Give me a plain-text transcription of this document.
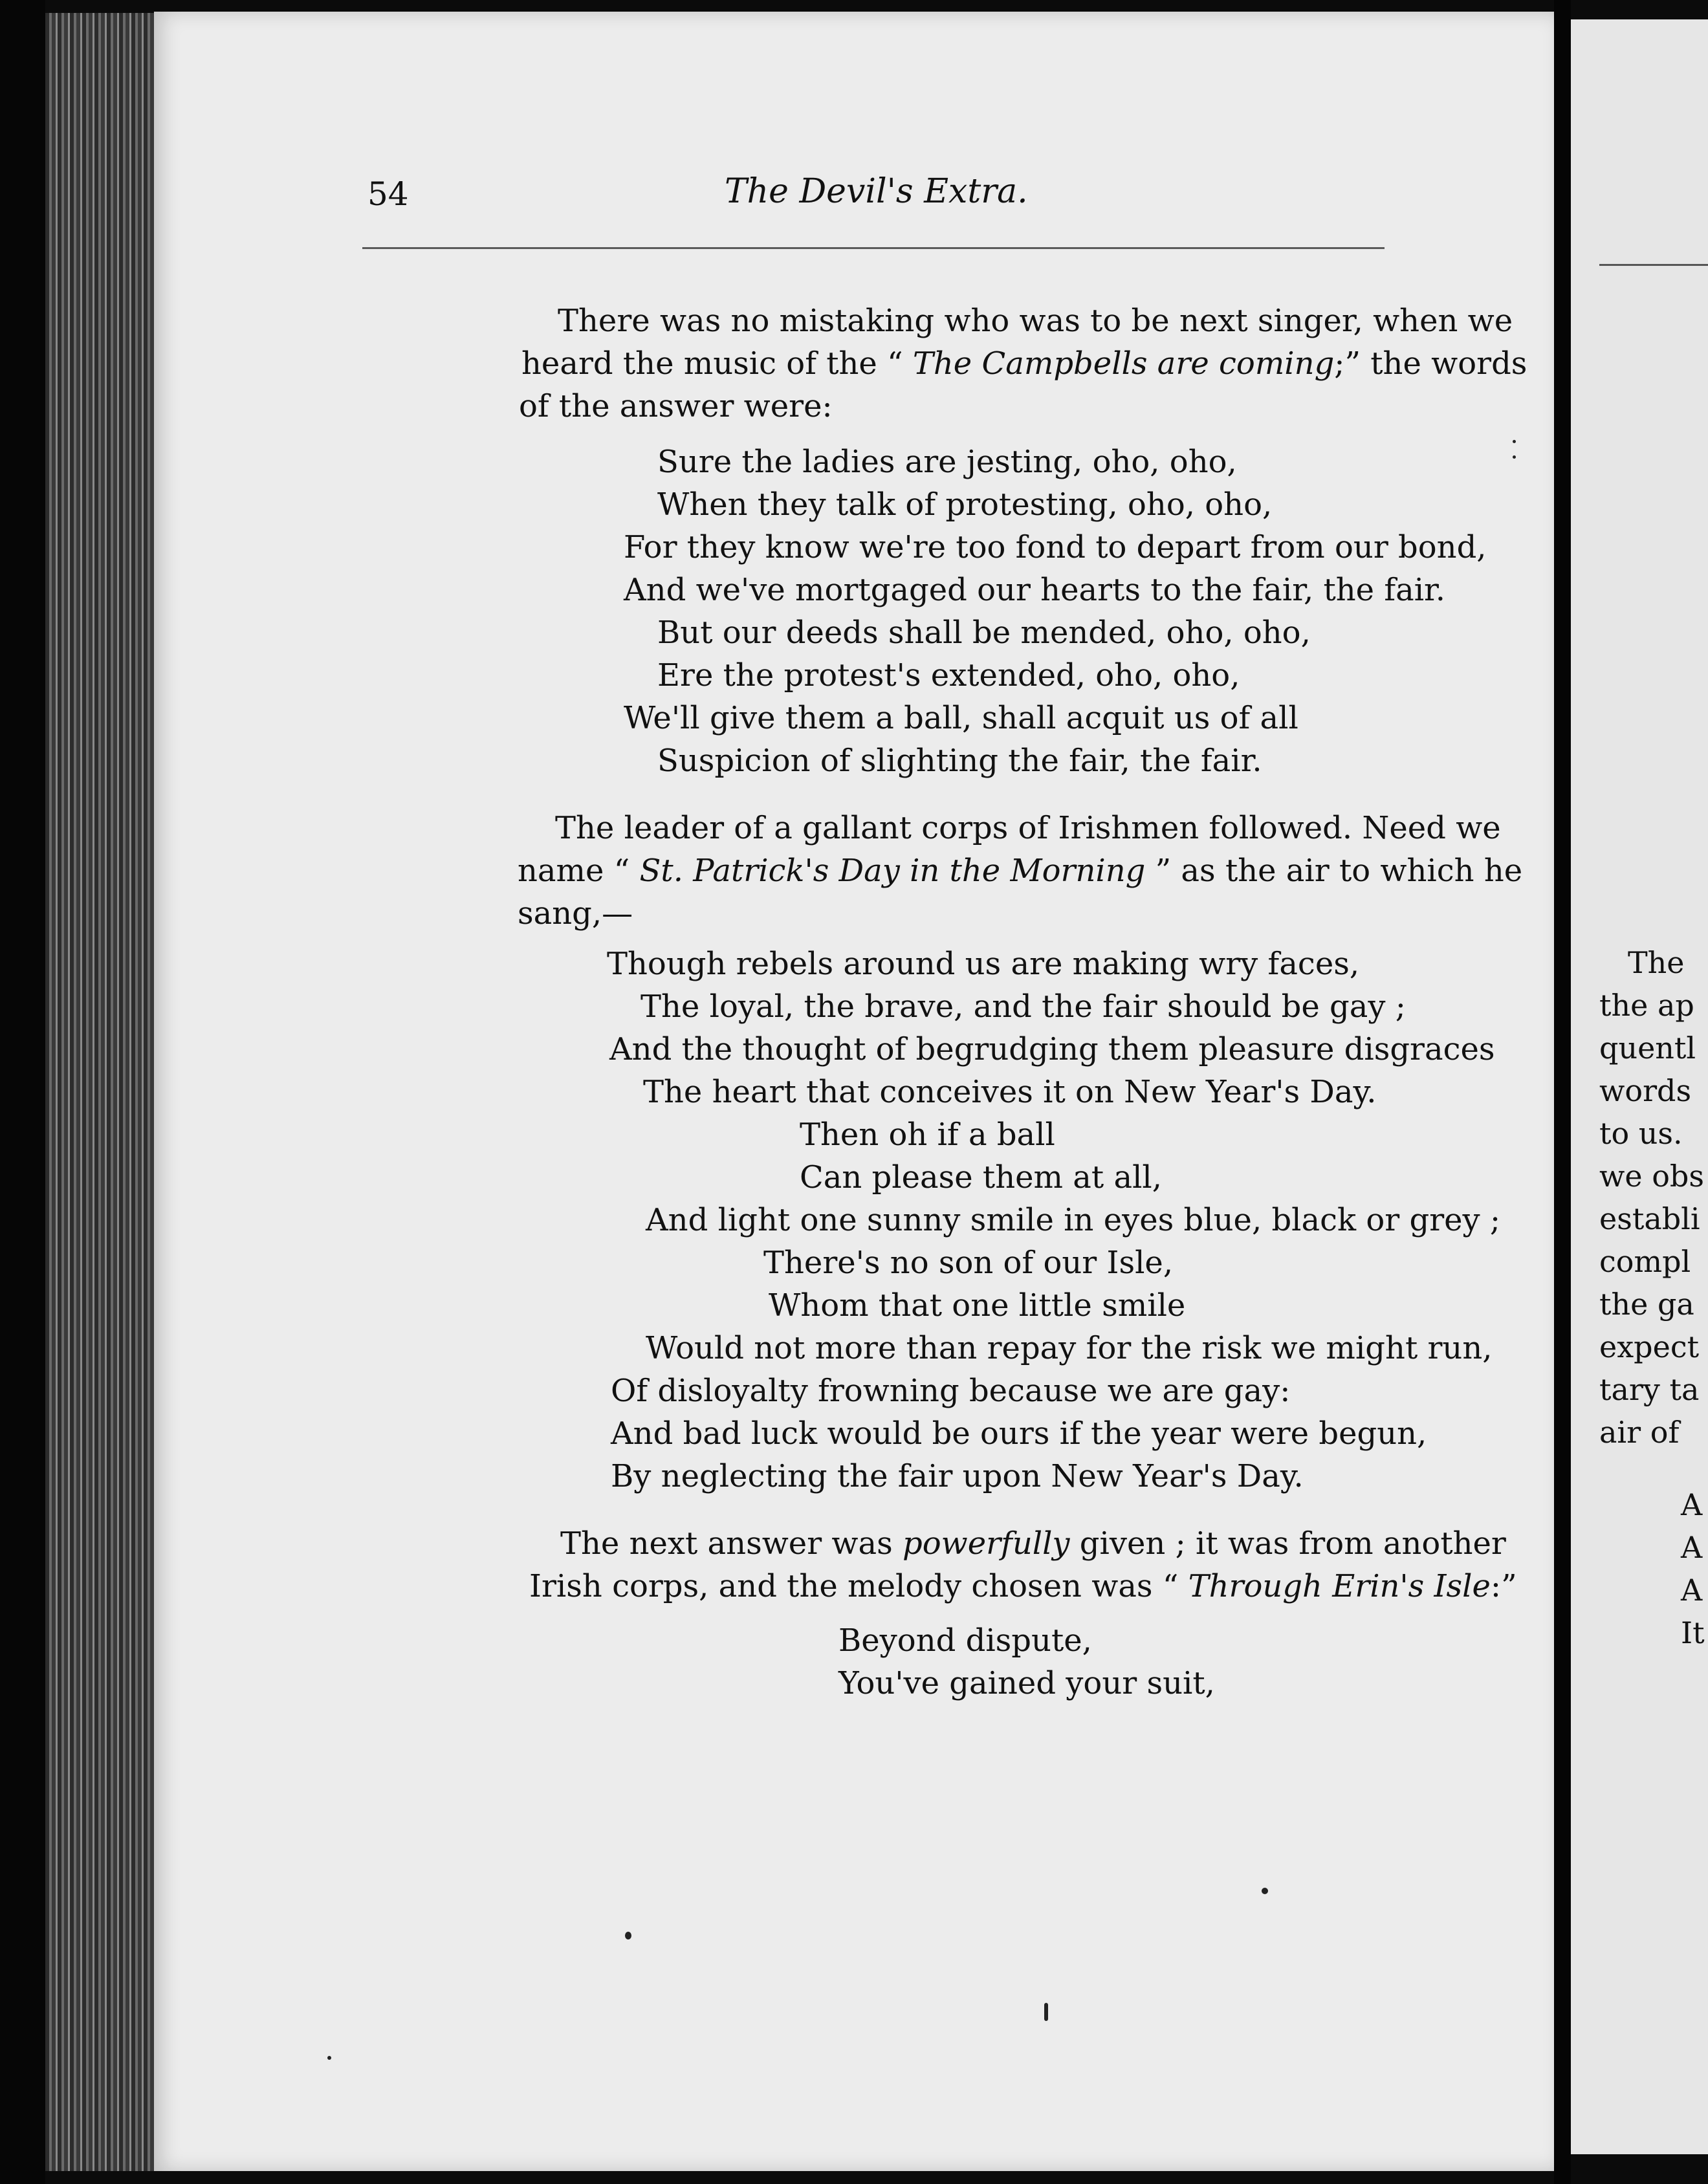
54	The Devil's Extra.
There was no mistaking who was to be next singer, when we
heard the music of the “ The Campbells are coming;” the words
of the answer were:
Sure the ladies are jesting, oho, oho,
When they talk of protesting, oho, oho,
For they know we're too fond to depart from our bond,
And we've mortgaged our hearts to the fair, the fair.
But our deeds shall be mended, oho, oho,
Ere the protest's extended, oho, oho,
We'll give them a ball, shall acquit us of all
Suspicion of slighting the fair, the fair.
The leader of a gallant corps of Irishmen followed. Need we
name “ St. Patrick's Day in the Morning ” as the air to which he
sang,—
Though rebels around us are making wry faces,
The loyal, the brave, and the fair should be gay ;
And the thought of begrudging them pleasure disgraces
The heart that conceives it on New Year's Day.
Then oh if a ball
Can please them at all,
And light one sunny smile in eyes blue, black or grey ;
There's no son of our Isle,
Whom that one little smile
Would not more than repay for the risk we might run,
Of disloyalty frowning because we are gay:
And bad luck would be ours if the year were begun,
By neglecting the fair upon New Year's Day.
The next answer was powerfully given ; it was from another
Irish corps, and the melody chosen was “ Through Erin's Isle:”
Beyond dispute,
You've gained your suit,
The
the ap
quentl
words
to us.
we obs
establi
compl
the ga
expect
tary ta
air of
A
A
A
It
